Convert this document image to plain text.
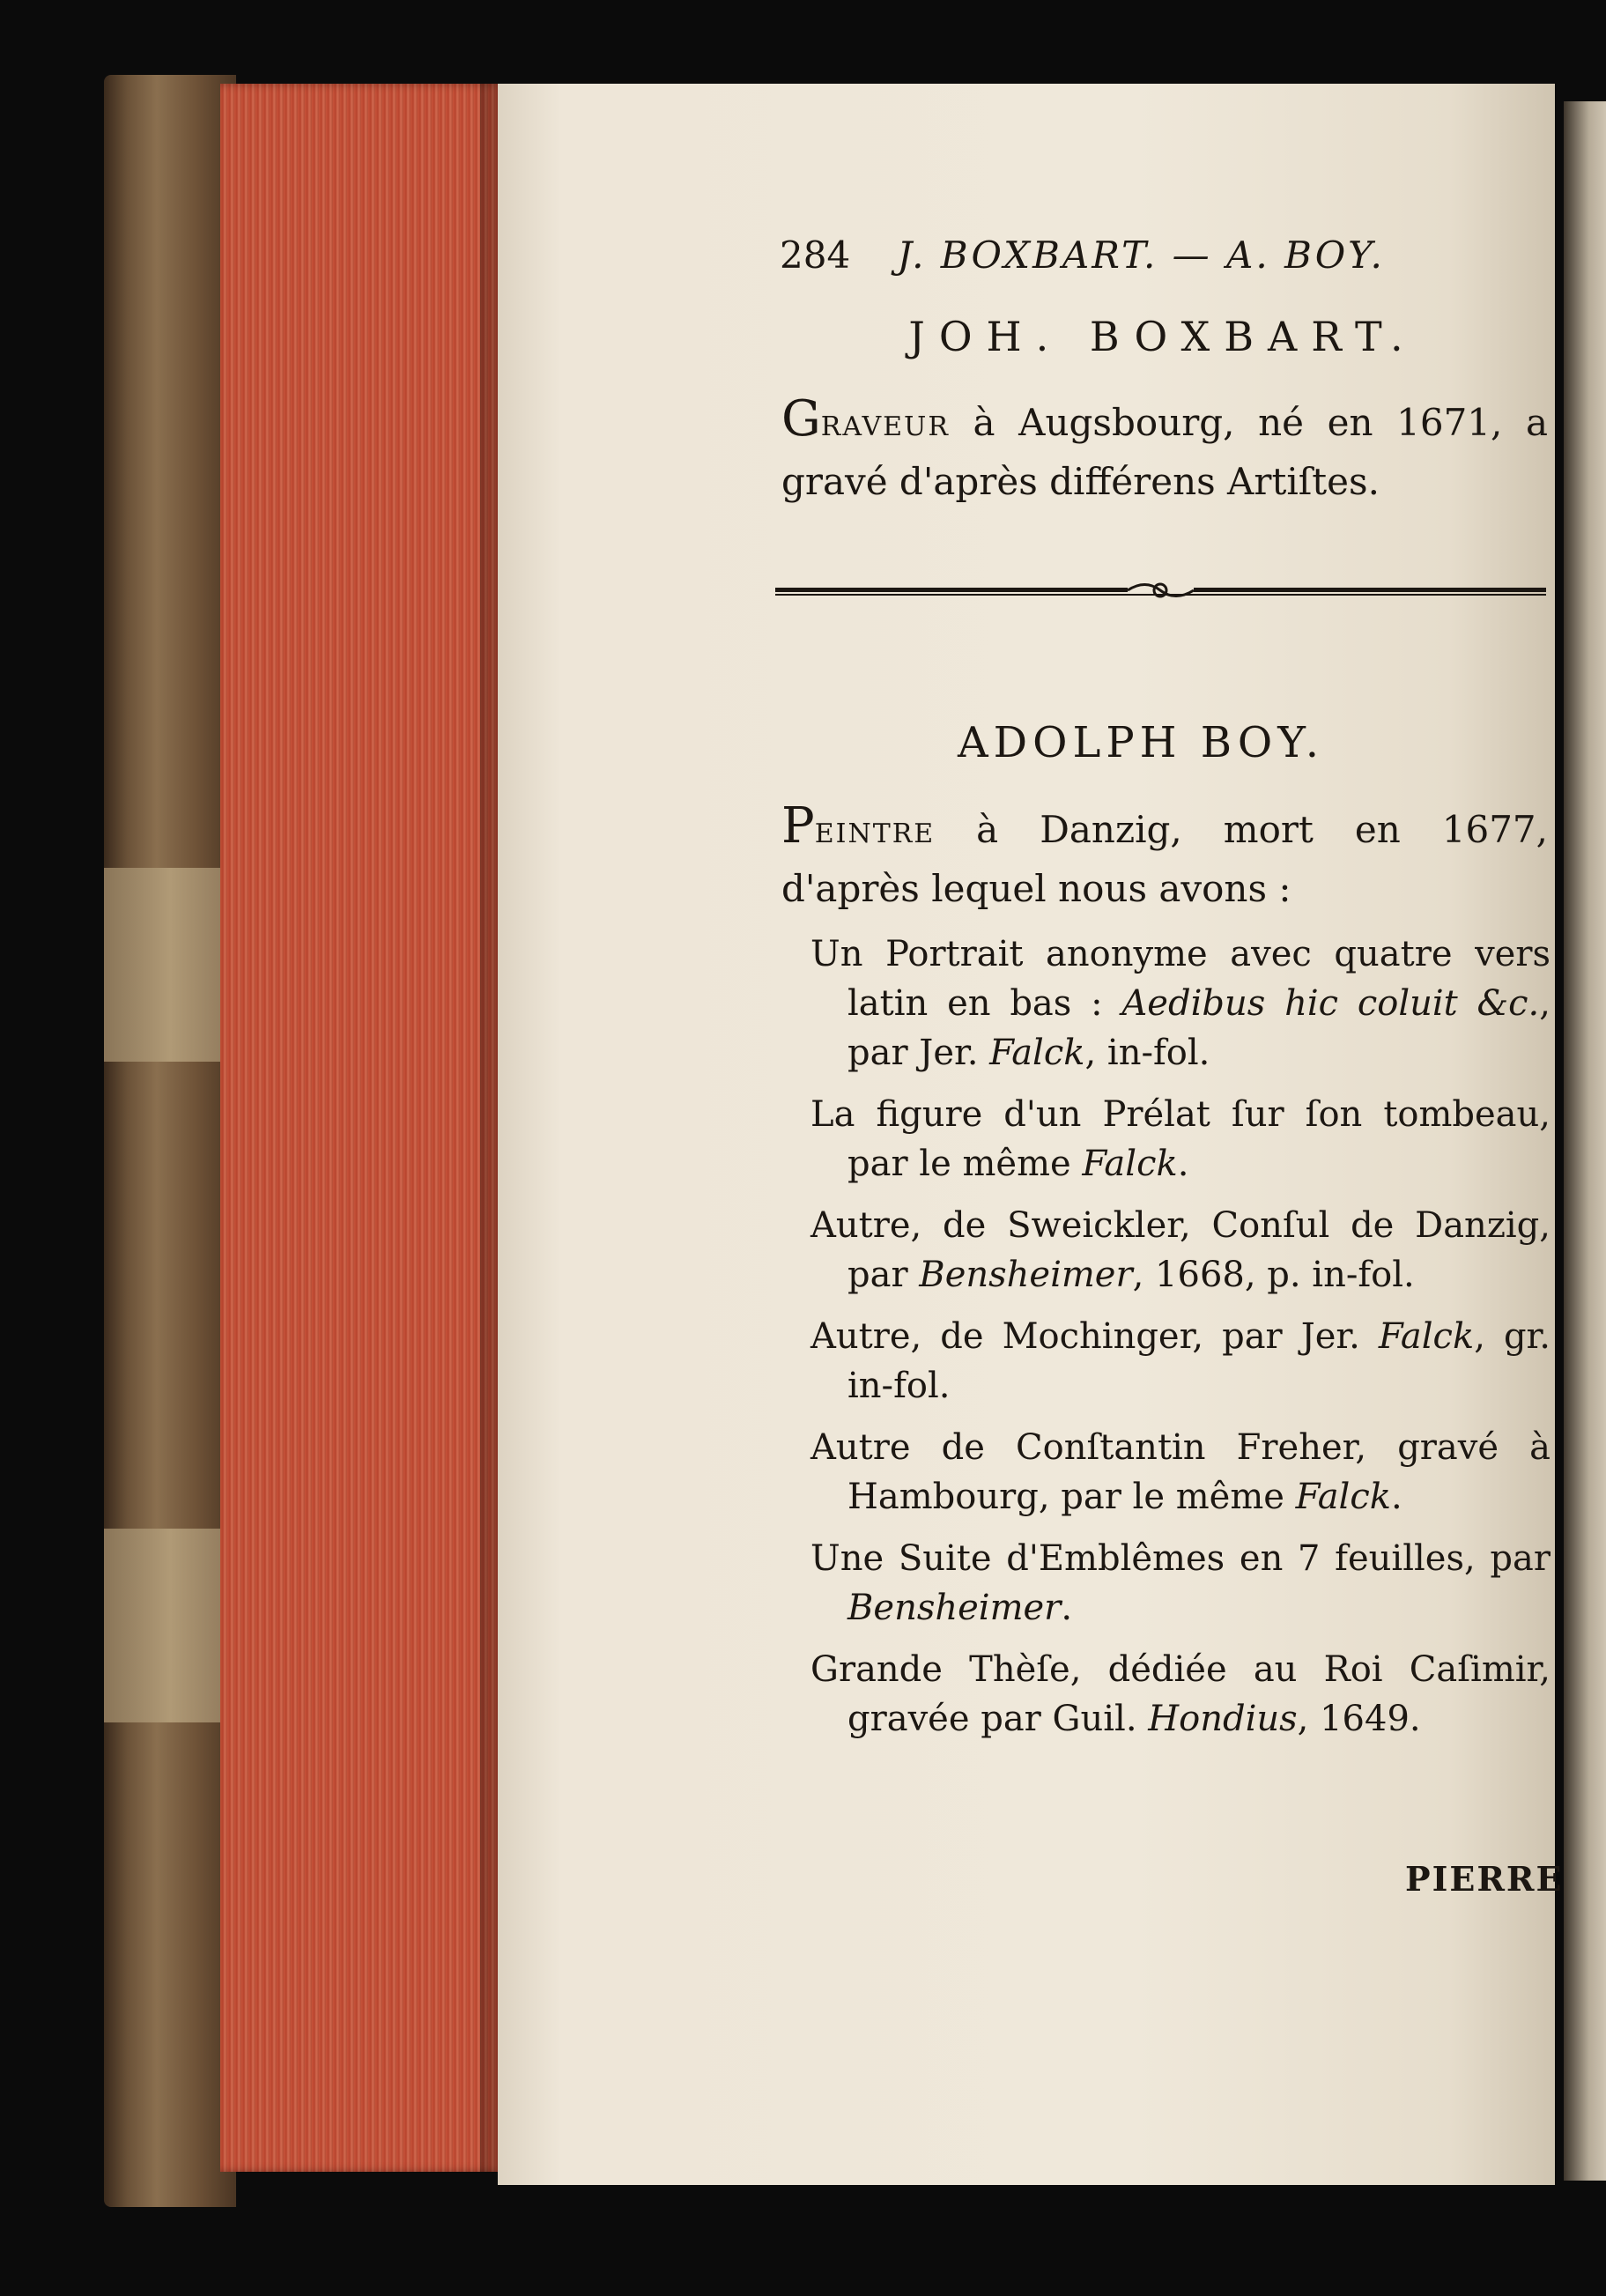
284 J. BOXBART. — A. BOY.
JOH. BOXBART.
GRAVEUR à Augsbourg, né en 1671, a gravé d'après différens Artiſtes.
ADOLPH BOY.
PEINTRE à Danzig, mort en 1677, d'après lequel nous avons :
Un Portrait anonyme avec quatre vers latin en bas : Aedibus hic coluit &c., par Jer. Falck, in-fol.
La figure d'un Prélat ſur ſon tombeau, par le même Falck.
Autre, de Sweickler, Conſul de Danzig, par Bensheimer, 1668, p. in-fol.
Autre, de Mochinger, par Jer. Falck, gr. in-fol.
Autre de Conſtantin Freher, gravé à Hambourg, par le même Falck.
Une Suite d'Emblêmes en 7 feuilles, par Bensheimer.
Grande Thèſe, dédiée au Roi Caſimir, gravée par Guil. Hondius, 1649.
PIERRE
